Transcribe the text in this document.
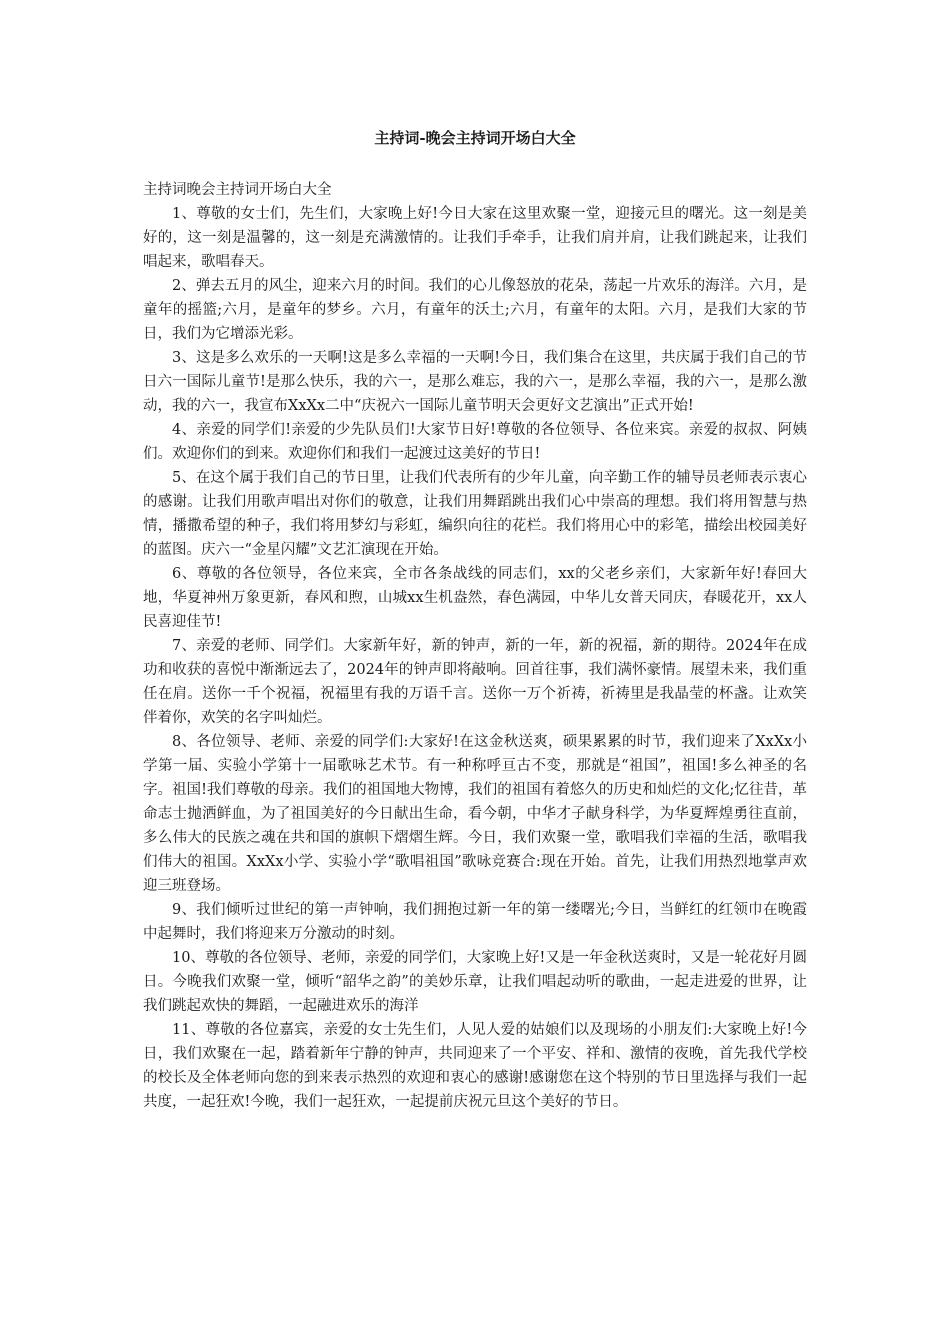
主持词-晚会主持词开场白大全

主持词晚会主持词开场白大全

1、尊敬的女士们，先生们，大家晚上好!今日大家在这里欢聚一堂，迎接元旦的曙光。这一刻是美好的，这一刻是温馨的，这一刻是充满激情的。让我们手牵手，让我们肩并肩，让我们跳起来，让我们唱起来，歌唱春天。

2、弹去五月的风尘，迎来六月的时间。我们的心儿像怒放的花朵，荡起一片欢乐的海洋。六月，是童年的摇篮;六月，是童年的梦乡。六月，有童年的沃土;六月，有童年的太阳。六月，是我们大家的节日，我们为它增添光彩。

3、这是多么欢乐的一天啊!这是多么幸福的一天啊!今日，我们集合在这里，共庆属于我们自己的节日六一国际儿童节!是那么快乐，我的六一，是那么难忘，我的六一，是那么幸福，我的六一，是那么激动，我的六一，我宣布XxXx二中“庆祝六一国际儿童节明天会更好文艺演出”正式开始!

4、亲爱的同学们!亲爱的少先队员们!大家节日好!尊敬的各位领导、各位来宾。亲爱的叔叔、阿姨们。欢迎你们的到来。欢迎你们和我们一起渡过这美好的节日!

5、在这个属于我们自己的节日里，让我们代表所有的少年儿童，向辛勤工作的辅导员老师表示衷心的感谢。让我们用歌声唱出对你们的敬意，让我们用舞蹈跳出我们心中崇高的理想。我们将用智慧与热情，播撒希望的种子，我们将用梦幻与彩虹，编织向往的花栏。我们将用心中的彩笔，描绘出校园美好的蓝图。庆六一“金星闪耀”文艺汇演现在开始。

6、尊敬的各位领导，各位来宾，全市各条战线的同志们，xx的父老乡亲们，大家新年好!春回大地，华夏神州万象更新，春风和煦，山城xx生机盎然，春色满园，中华儿女普天同庆，春暖花开，xx人民喜迎佳节!

7、亲爱的老师、同学们。大家新年好，新的钟声，新的一年，新的祝福，新的期待。2024年在成功和收获的喜悦中渐渐远去了，2024年的钟声即将敲响。回首往事，我们满怀豪情。展望未来，我们重任在肩。送你一千个祝福，祝福里有我的万语千言。送你一万个祈祷，祈祷里是我晶莹的杯盏。让欢笑伴着你，欢笑的名字叫灿烂。

8、各位领导、老师、亲爱的同学们:大家好!在这金秋送爽，硕果累累的时节，我们迎来了XxXx小学第一届、实验小学第十一届歌咏艺术节。有一种称呼亘古不变，那就是“祖国”，祖国!多么神圣的名字。祖国!我们尊敬的母亲。我们的祖国地大物博，我们的祖国有着悠久的历史和灿烂的文化;忆往昔，革命志士抛洒鲜血，为了祖国美好的今日献出生命，看今朝，中华才子献身科学，为华夏辉煌勇往直前，多么伟大的民族之魂在共和国的旗帜下熠熠生辉。今日，我们欢聚一堂，歌唱我们幸福的生活，歌唱我们伟大的祖国。XxXx小学、实验小学“歌唱祖国”歌咏竞赛合:现在开始。首先，让我们用热烈地掌声欢迎三班登场。

9、我们倾听过世纪的第一声钟响，我们拥抱过新一年的第一缕曙光;今日，当鲜红的红领巾在晚霞中起舞时，我们将迎来万分激动的时刻。

10、尊敬的各位领导、老师，亲爱的同学们，大家晚上好!又是一年金秋送爽时，又是一轮花好月圆日。今晚我们欢聚一堂，倾听“韶华之韵”的美妙乐章，让我们唱起动听的歌曲，一起走进爱的世界，让我们跳起欢快的舞蹈，一起融进欢乐的海洋

11、尊敬的各位嘉宾，亲爱的女士先生们，人见人爱的姑娘们以及现场的小朋友们:大家晚上好!今日，我们欢聚在一起，踏着新年宁静的钟声，共同迎来了一个平安、祥和、激情的夜晚，首先我代学校的校长及全体老师向您的到来表示热烈的欢迎和衷心的感谢!感谢您在这个特别的节日里选择与我们一起共度，一起狂欢!今晚，我们一起狂欢，一起提前庆祝元旦这个美好的节日。
